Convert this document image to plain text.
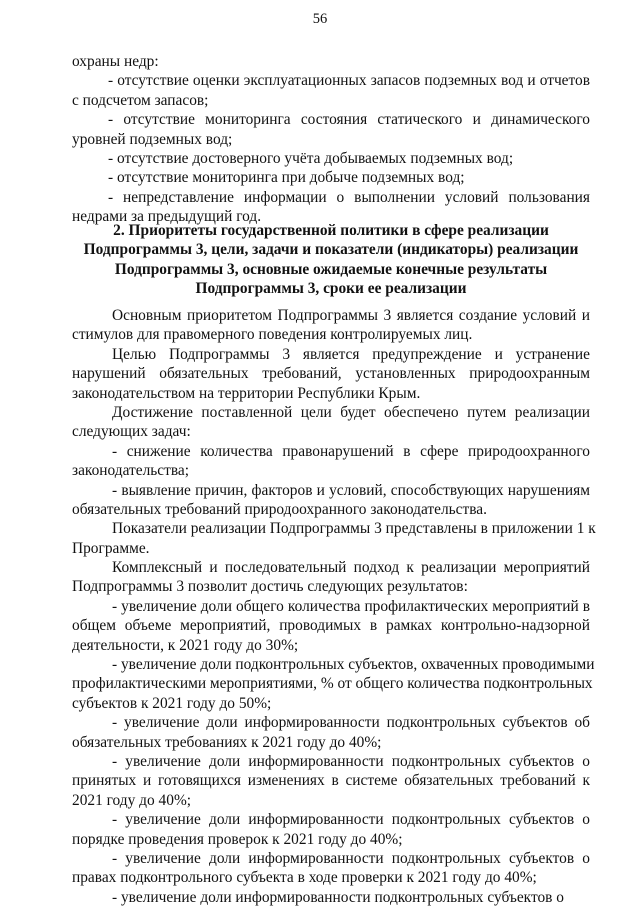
56
охраны недр:
- отсутствие оценки эксплуатационных запасов подземных вод и отчетов
с подсчетом запасов;
- отсутствие мониторинга состояния статического и динамического
уровней подземных вод;
- отсутствие достоверного учёта добываемых подземных вод;
- отсутствие мониторинга при добыче подземных вод;
- непредставление информации о выполнении условий пользования
недрами за предыдущий год.
2. Приоритеты государственной политики в сфере реализации
Подпрограммы 3, цели, задачи и показатели (индикаторы) реализации
Подпрограммы 3, основные ожидаемые конечные результаты
Подпрограммы 3, сроки ее реализации
Основным приоритетом Подпрограммы 3 является создание условий и
стимулов для правомерного поведения контролируемых лиц.
Целью Подпрограммы 3 является предупреждение и устранение
нарушений обязательных требований, установленных природоохранным
законодательством на территории Республики Крым.
Достижение поставленной цели будет обеспечено путем реализации
следующих задач:
- снижение количества правонарушений в сфере природоохранного
законодательства;
- выявление причин, факторов и условий, способствующих нарушениям
обязательных требований природоохранного законодательства.
Показатели реализации Подпрограммы 3 представлены в приложении 1 к
Программе.
Комплексный и последовательный подход к реализации мероприятий
Подпрограммы 3 позволит достичь следующих результатов:
- увеличение доли общего количества профилактических мероприятий в
общем объеме мероприятий, проводимых в рамках контрольно-надзорной
деятельности, к 2021 году до 30%;
- увеличение доли подконтрольных субъектов, охваченных проводимыми
профилактическими мероприятиями, % от общего количества подконтрольных
субъектов к 2021 году до 50%;
- увеличение доли информированности подконтрольных субъектов об
обязательных требованиях к 2021 году до 40%;
- увеличение доли информированности подконтрольных субъектов о
принятых и готовящихся изменениях в системе обязательных требований к
2021 году до 40%;
- увеличение доли информированности подконтрольных субъектов о
порядке проведения проверок к 2021 году до 40%;
- увеличение доли информированности подконтрольных субъектов о
правах подконтрольного субъекта в ходе проверки к 2021 году до 40%;
- увеличение доли информированности подконтрольных субъектов о
